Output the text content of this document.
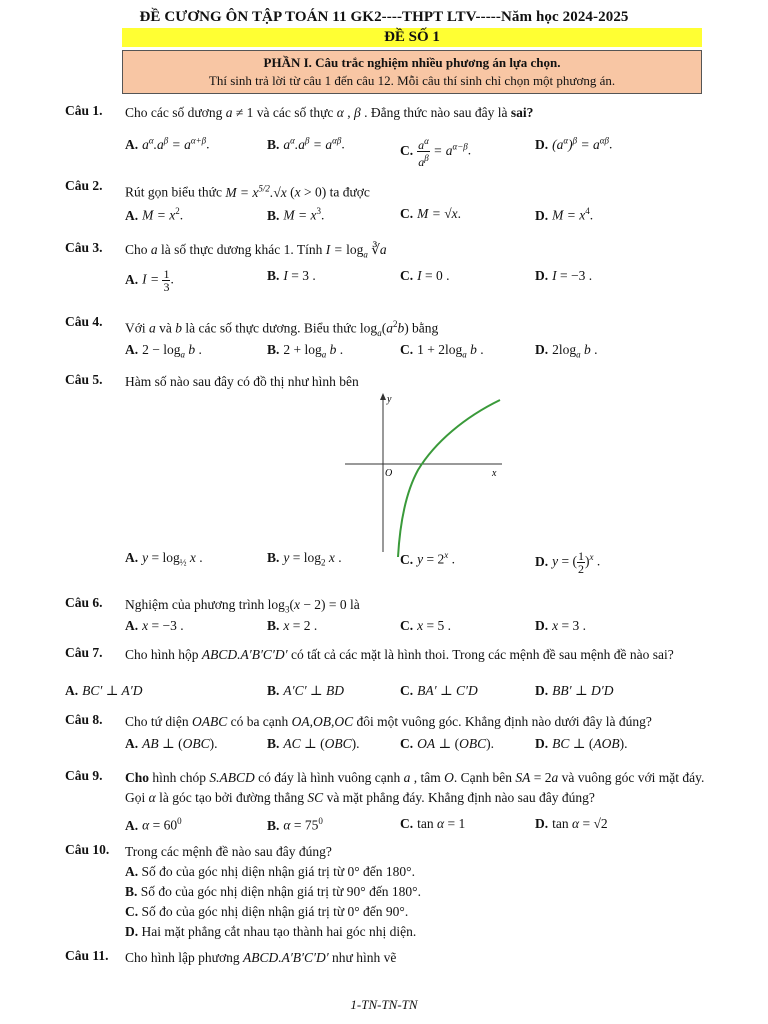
ĐỀ CƯƠNG ÔN TẬP TOÁN 11 GK2----THPT LTV-----Năm học 2024-2025
ĐỀ SỐ 1
PHẦN I. Câu trắc nghiệm nhiều phương án lựa chọn.
Thí sinh trả lời từ câu 1 đến câu 12. Mỗi câu thí sinh chỉ chọn một phương án.
Câu 1. Cho các số dương a ≠ 1 và các số thực α , β . Đẳng thức nào sau đây là sai?
A. $a^\alpha.a^\beta = a^{\alpha+\beta}$.	B. $a^\alpha.a^\beta = a^{\alpha\beta}$.	C. $\frac{a^\alpha}{a^\beta} = a^{\alpha-\beta}$.	D. $(a^\alpha)^\beta = a^{\alpha\beta}$.
Câu 2. Rút gọn biểu thức $M = x^{5/2}.√x$ (x > 0) ta được
A. $M = x^2$.	B. $M = x^3$.	C. M = √x.	D. $M = x^4$.
Câu 3. Cho a là số thực dương khác 1. Tính $I = \log_a$ ∛a
A. $I = \frac{1}{3}$ .	B. I = 3 .	C. I = 0 .	D. I = −3 .
Câu 4. Với a và b là các số thực dương. Biểu thức $\log_a(a^2b)$ bằng
A. $2 - \log_a b$ .	B. $2 + \log_a b$ .	C. $1 + 2\log_a$ b .	D. $2\log_a$ b .
Câu 5. Hàm số nào sau đây có đồ thị như hình bên
A. $y = \log_{\frac{1}{2}} x$ .	B. $y = \log_2 x$ .	C. $y = 2^x$ .	D. y = ( $\frac{1}{2} )^x$ .
y
x
O
Câu 6. Nghiệm của phương trình $\log_3(x - 2) = 0$ là
A. x = −3 .	B. x = 2 .	C. x = 5 .	D. x = 3 .
Câu 7. Cho hình hộp ABCD.A′B′C′D′ có tất cả các mặt là hình thoi. Trong các mệnh đề sau mệnh đề nào sai?
A. BC′ ⊥ A′D	B. A′C′ ⊥ BD	C. BA′ ⊥ C′D	D. BB′ ⊥ D′D
Câu 8. Cho tứ diện OABC có ba cạnh OA,OB,OC đôi một vuông góc. Khẳng định nào dưới đây là đúng?
A. AB ⊥ (OBC).	B. AC ⊥ (OBC).	C. OA ⊥ (OBC).	D. BC ⊥ (AOB).
Câu 9. Cho hình chóp S.ABCD có đáy là hình vuông cạnh a , tâm O. Cạnh bên SA = 2a và vuông góc với mặt đáy. Gọi α là góc tạo bởi đường thẳng SC và mặt phẳng đáy. Khẳng định nào sau đây đúng?
A. $\alpha = 60^0$	B. $\alpha = 75^0$	C. tan α = 1	D. tan α = √2
Câu 10. Trong các mệnh đề nào sau đây đúng?
A. Số đo của góc nhị diện nhận giá trị từ 0° đến 180°.
B. Số đo của góc nhị diện nhận giá trị từ 90° đến 180°.
C. Số đo của góc nhị diện nhận giá trị từ 0° đến 90°.
D. Hai mặt phẳng cắt nhau tạo thành hai góc nhị diện.
Câu 11. Cho hình lập phương ABCD.A′B′C′D′ như hình vẽ
1-TN-TN-TN
